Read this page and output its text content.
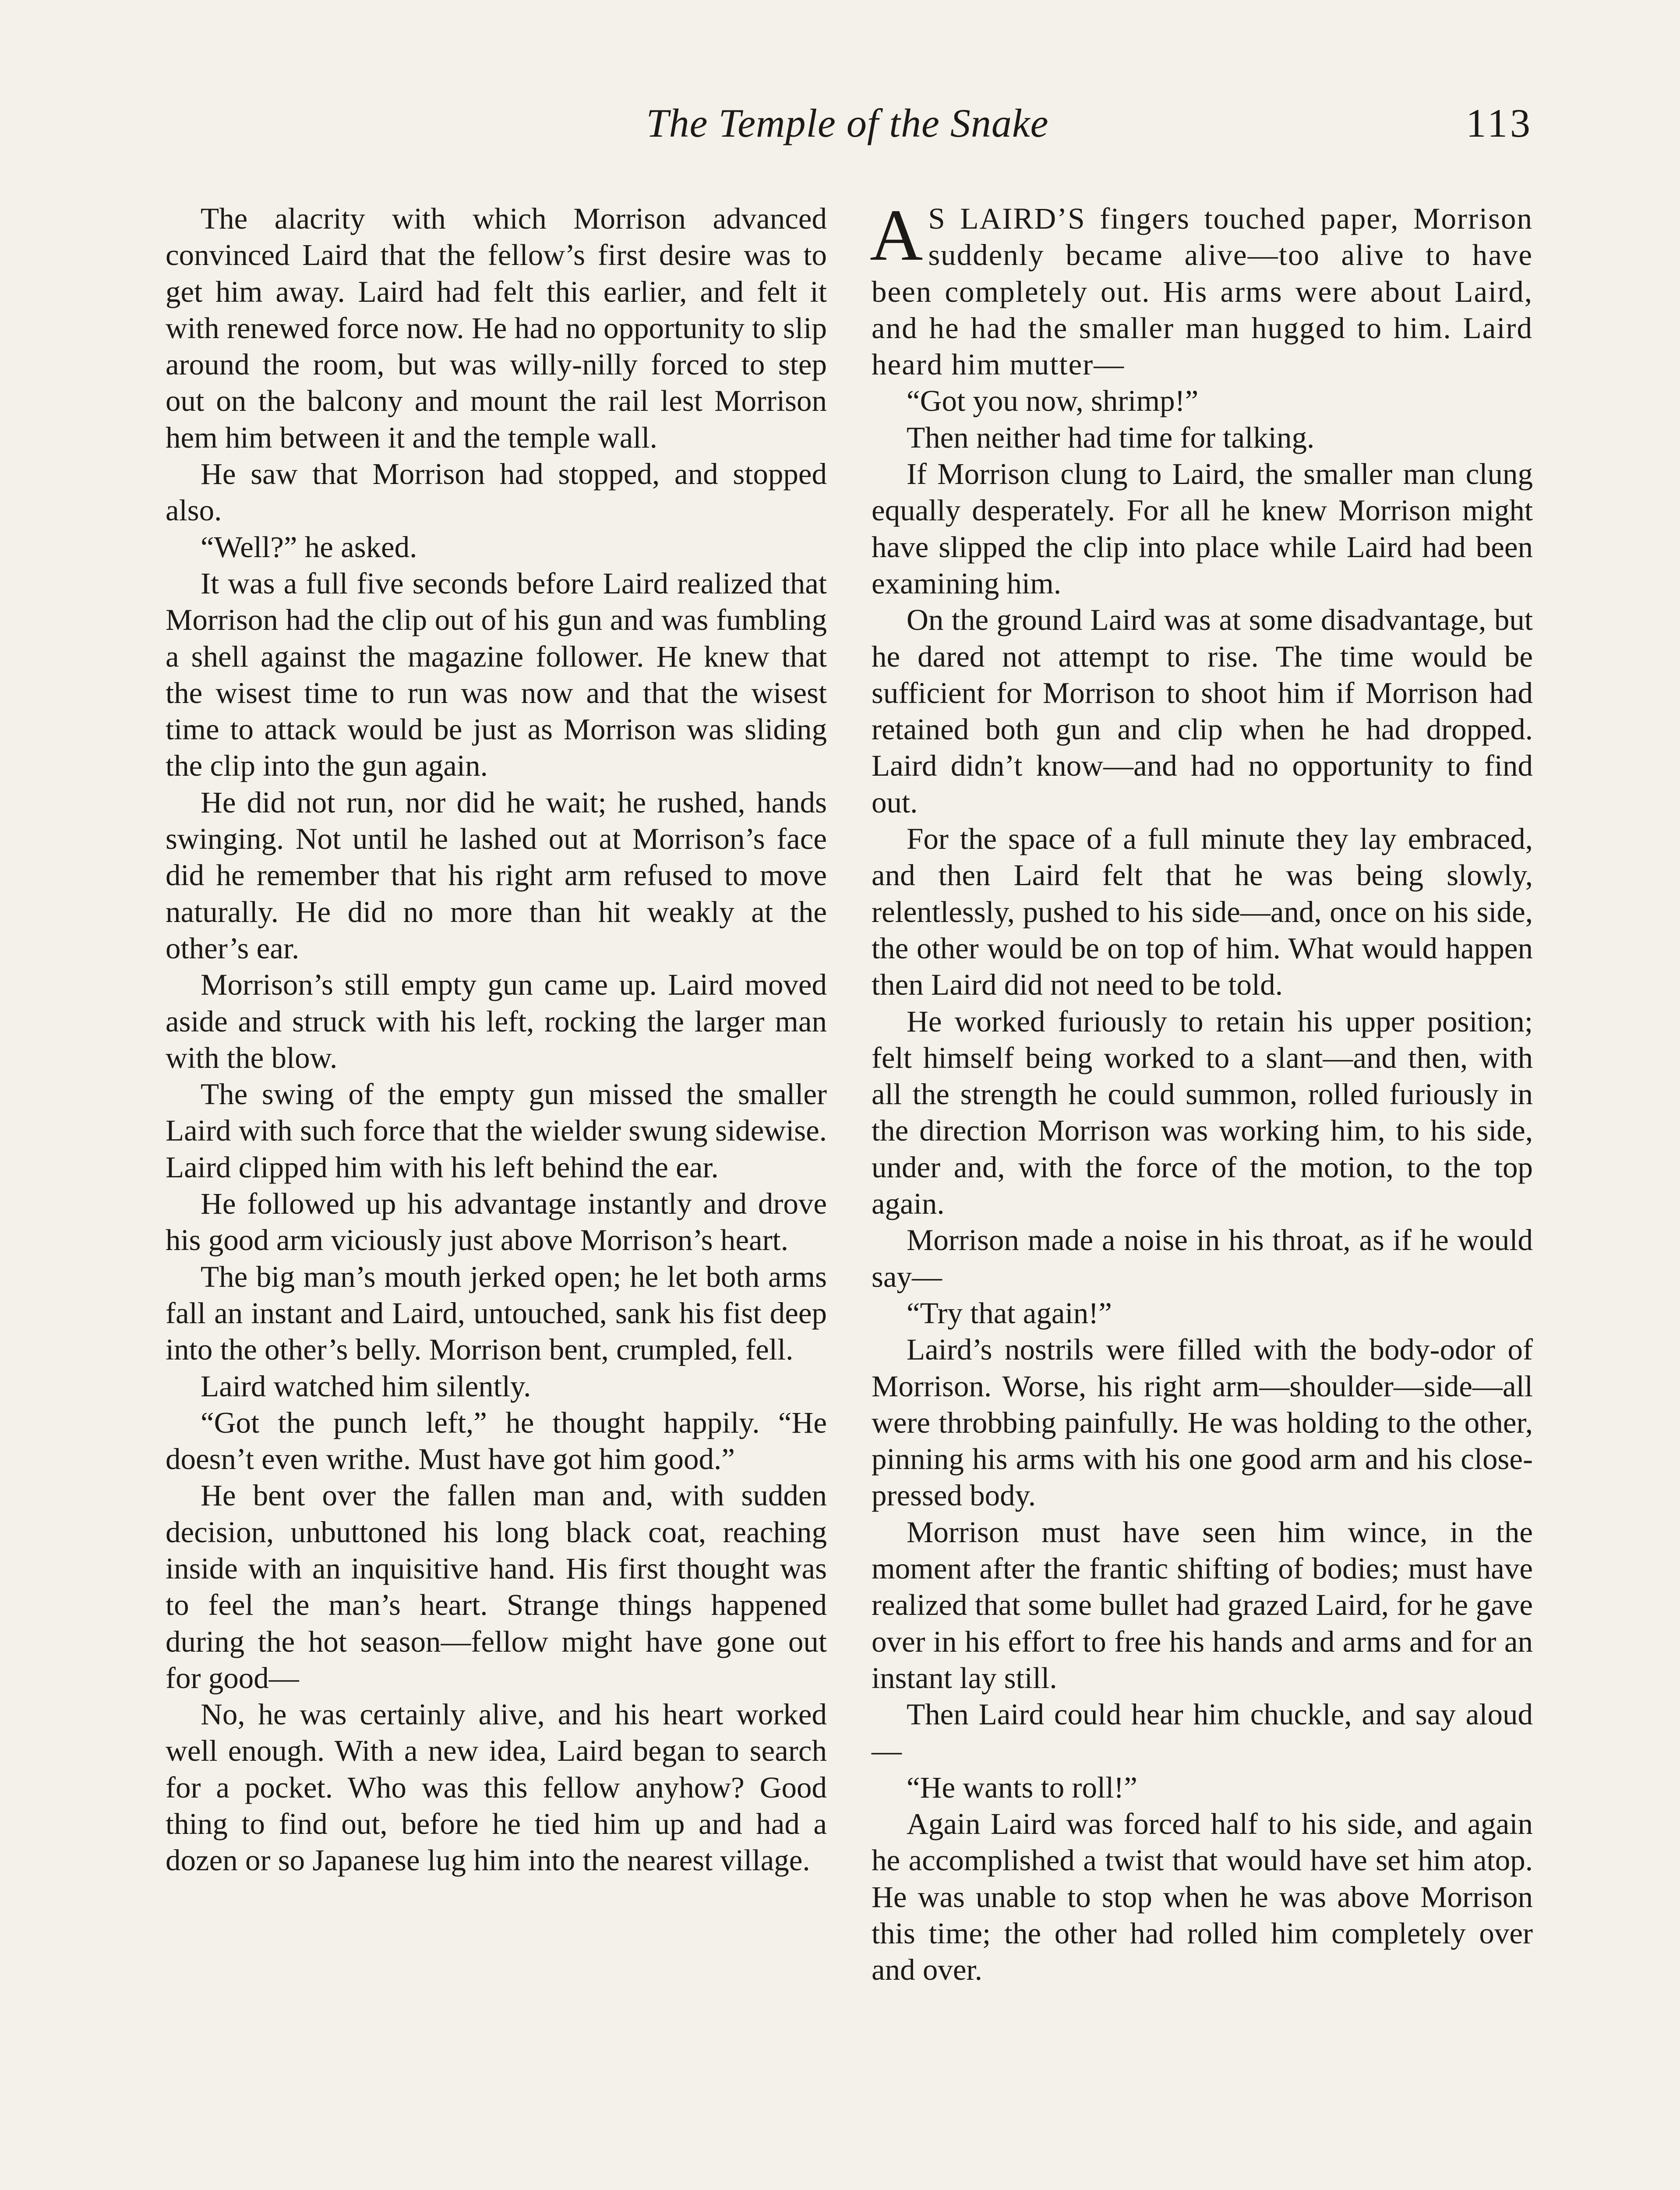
The Temple of the Snake	113

The alacrity with which Morrison advanced convinced Laird that the fellow’s first desire was to get him away. Laird had felt this earlier, and felt it with renewed force now. He had no opportunity to slip around the room, but was willy-nilly forced to step out on the balcony and mount the rail lest Morrison hem him between it and the temple wall.

He saw that Morrison had stopped, and stopped also.

“Well?” he asked.

It was a full five seconds before Laird realized that Morrison had the clip out of his gun and was fumbling a shell against the magazine follower. He knew that the wisest time to run was now and that the wisest time to attack would be just as Morrison was sliding the clip into the gun again.

He did not run, nor did he wait; he rushed, hands swinging. Not until he lashed out at Morrison’s face did he remember that his right arm refused to move naturally. He did no more than hit weakly at the other’s ear.

Morrison’s still empty gun came up. Laird moved aside and struck with his left, rocking the larger man with the blow.

The swing of the empty gun missed the smaller Laird with such force that the wielder swung sidewise. Laird clipped him with his left behind the ear.

He followed up his advantage instantly and drove his good arm viciously just above Morrison’s heart.

The big man’s mouth jerked open; he let both arms fall an instant and Laird, untouched, sank his fist deep into the other’s belly. Morrison bent, crumpled, fell.

Laird watched him silently.

“Got the punch left,” he thought happily. “He doesn’t even writhe. Must have got him good.”

He bent over the fallen man and, with sudden decision, unbuttoned his long black coat, reaching inside with an inquisitive hand. His first thought was to feel the man’s heart. Strange things happened during the hot season—fellow might have gone out for good—

No, he was certainly alive, and his heart worked well enough. With a new idea, Laird began to search for a pocket. Who was this fellow anyhow? Good thing to find out, before he tied him up and had a dozen or so Japanese lug him into the nearest village.

A S LAIRD’S fingers touched paper, Morrison suddenly became alive—too alive to have been completely out. His arms were about Laird, and he had the smaller man hugged to him. Laird heard him mutter—

“Got you now, shrimp!”

Then neither had time for talking.

If Morrison clung to Laird, the smaller man clung equally desperately. For all he knew Morrison might have slipped the clip into place while Laird had been examining him.

On the ground Laird was at some disadvantage, but he dared not attempt to rise. The time would be sufficient for Morrison to shoot him if Morrison had retained both gun and clip when he had dropped. Laird didn’t know—and had no opportunity to find out.

For the space of a full minute they lay embraced, and then Laird felt that he was being slowly, relentlessly, pushed to his side—and, once on his side, the other would be on top of him. What would happen then Laird did not need to be told.

He worked furiously to retain his upper position; felt himself being worked to a slant—and then, with all the strength he could summon, rolled furiously in the direction Morrison was working him, to his side, under and, with the force of the motion, to the top again.

Morrison made a noise in his throat, as if he would say—

“Try that again!”

Laird’s nostrils were filled with the body-odor of Morrison. Worse, his right arm—shoulder—side—all were throbbing painfully. He was holding to the other, pinning his arms with his one good arm and his close-pressed body.

Morrison must have seen him wince, in the moment after the frantic shifting of bodies; must have realized that some bullet had grazed Laird, for he gave over in his effort to free his hands and arms and for an instant lay still.

Then Laird could hear him chuckle, and say aloud—

“He wants to roll!”

Again Laird was forced half to his side, and again he accomplished a twist that would have set him atop. He was unable to stop when he was above Morrison this time; the other had rolled him completely over and over.
